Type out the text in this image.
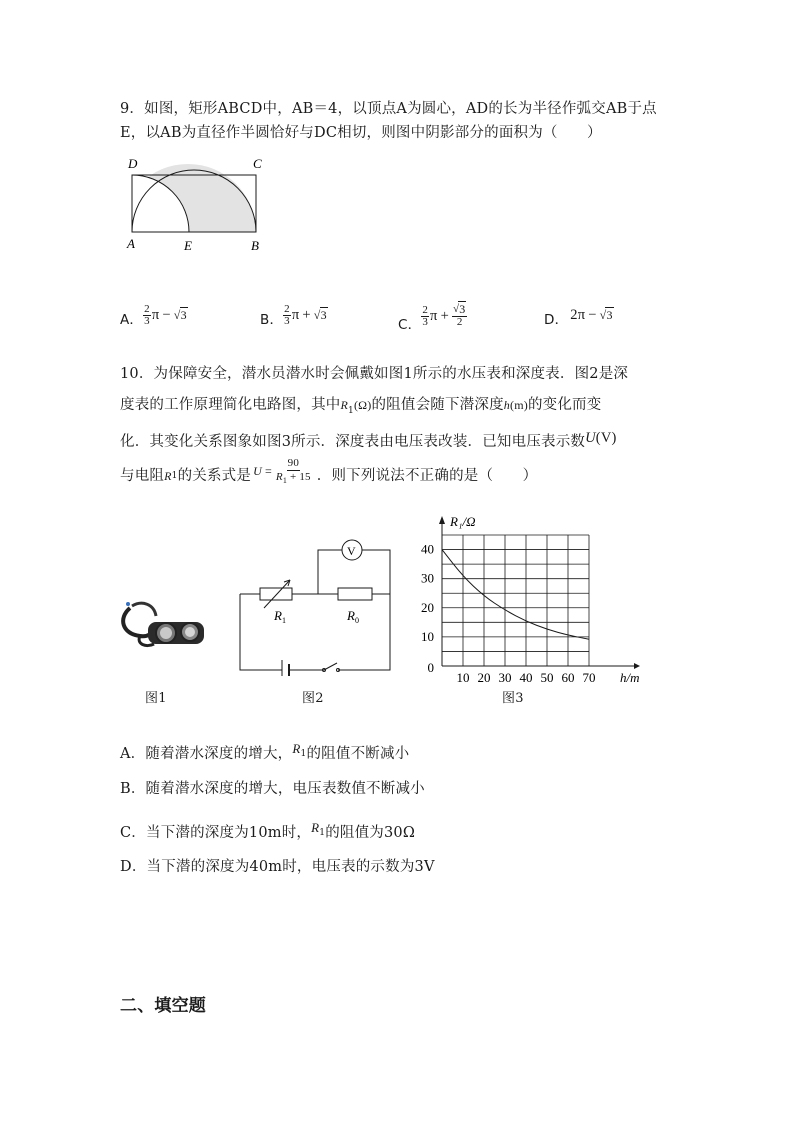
9．如图，矩形ABCD中，AB＝4，以顶点A为圆心，AD的长为半径作弧交AB于点
E，以AB为直径作半圆恰好与DC相切，则图中阴影部分的面积为（　　）
D	C
A	E	B
A． $\frac{2}{3}$ π − √3	B． $\frac{2}{3}$ π + √3
C． $\frac{2}{3}$ $\pi + \frac{√3}{2}$	D． 2π − √3
10．为保障安全，潜水员潜水时会佩戴如图1所示的水压表和深度表．图2是深
度表的工作原理简化电路图，其中$R_1(\Omega)$的阻值会随下潜深度h(m)的变化而变
化．其变化关系图象如图3所示．深度表由电压表改装．已知电压表示数U(V)
与电阻 R 1 的关系式是 $U = \frac{90}{R_1 + 15}$ ．则下列说法不正确的是（　　）
图1
V
$R_1$	$R_0$
图2
10 20 30 40 50 60 70
10
20
30
40
0
R₁/Ω
h/m
图3
A．随着潜水深度的增大，$R_1$的阻值不断减小
B．随着潜水深度的增大，电压表数值不断减小
C．当下潜的深度为10m时，$R_1$的阻值为30Ω
D．当下潜的深度为40m时，电压表的示数为3V
二、填空题
